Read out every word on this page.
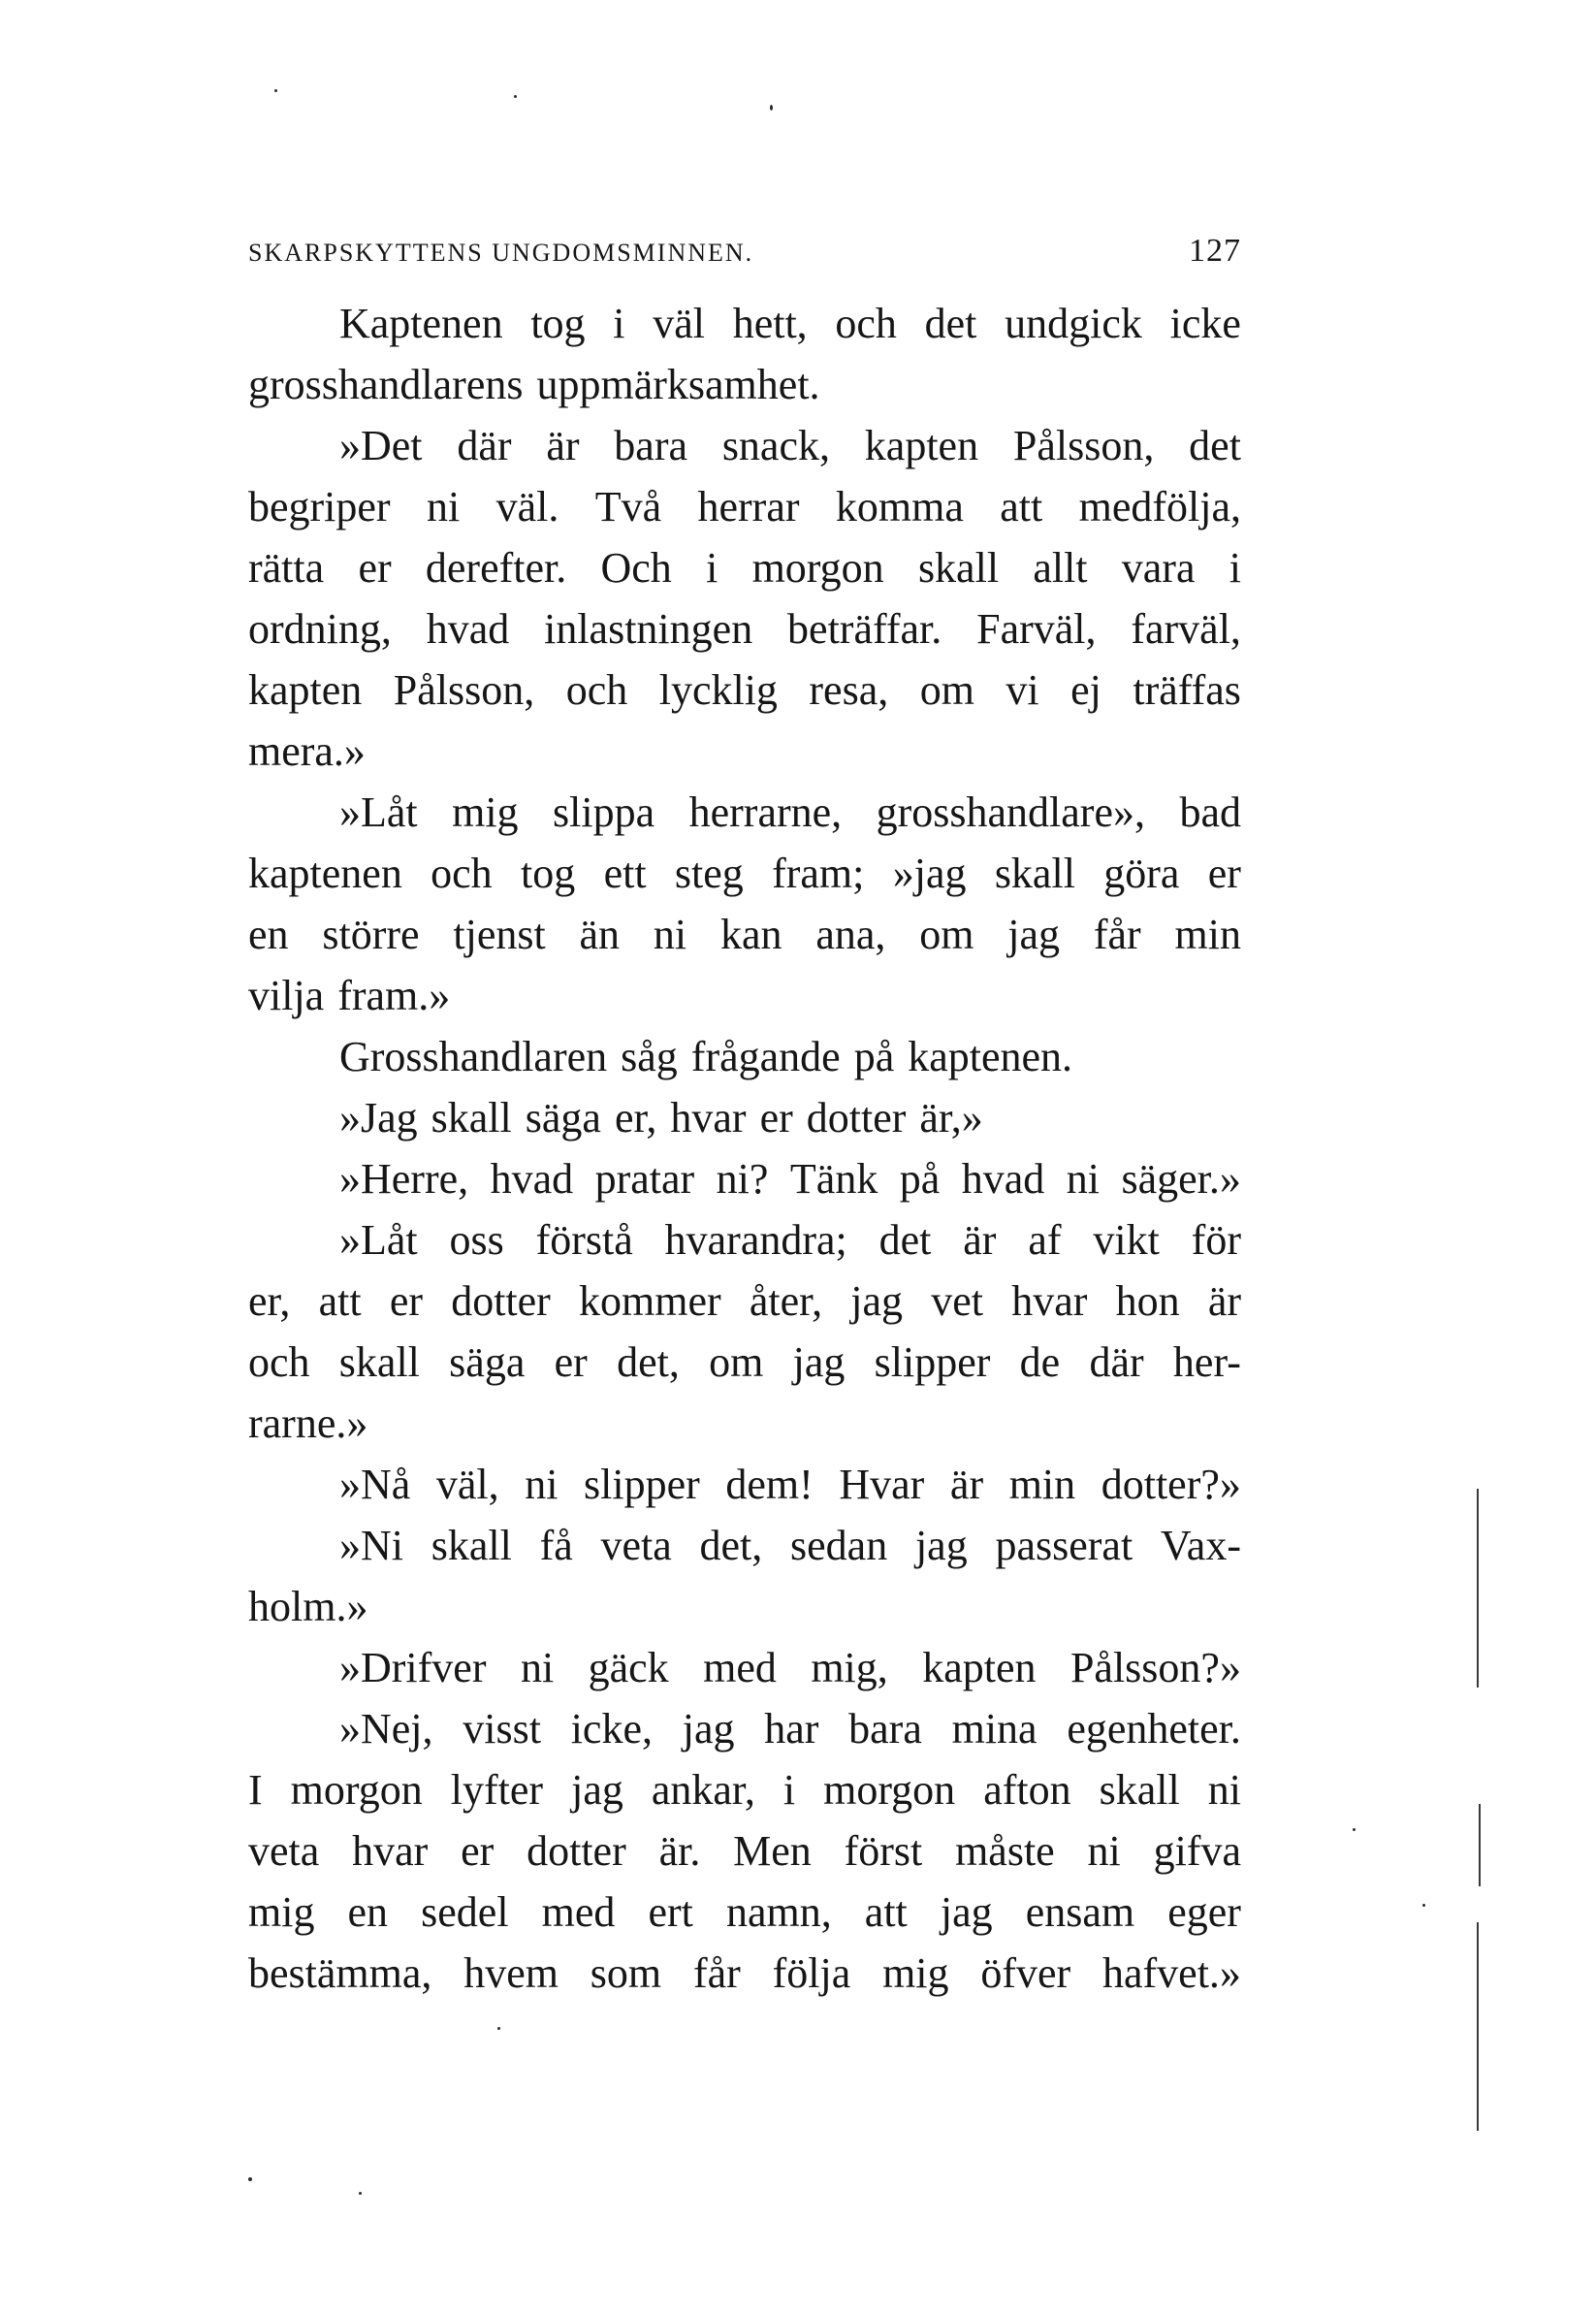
SKARPSKYTTENS UNGDOMSMINNEN.	127
Kaptenen tog i väl hett, och det undgick icke
grosshandlarens uppmärksamhet.
»Det där är bara snack, kapten Pålsson, det
begriper ni väl. Två herrar komma att medfölja,
rätta er derefter. Och i morgon skall allt vara i
ordning, hvad inlastningen beträffar. Farväl, farväl,
kapten Pålsson, och lycklig resa, om vi ej träffas
mera.»
»Låt mig slippa herrarne, grosshandlare», bad
kaptenen och tog ett steg fram; »jag skall göra er
en större tjenst än ni kan ana, om jag får min
vilja fram.»
Grosshandlaren såg frågande på kaptenen.
»Jag skall säga er, hvar er dotter är,»
»Herre, hvad pratar ni? Tänk på hvad ni säger.»
»Låt oss förstå hvarandra; det är af vikt för
er, att er dotter kommer åter, jag vet hvar hon är
och skall säga er det, om jag slipper de där her-
rarne.»
»Nå väl, ni slipper dem! Hvar är min dotter?»
»Ni skall få veta det, sedan jag passerat Vax-
holm.»
»Drifver ni gäck med mig, kapten Pålsson?»
»Nej, visst icke, jag har bara mina egenheter.
I morgon lyfter jag ankar, i morgon afton skall ni
veta hvar er dotter är. Men först måste ni gifva
mig en sedel med ert namn, att jag ensam eger
bestämma, hvem som får följa mig öfver hafvet.»
